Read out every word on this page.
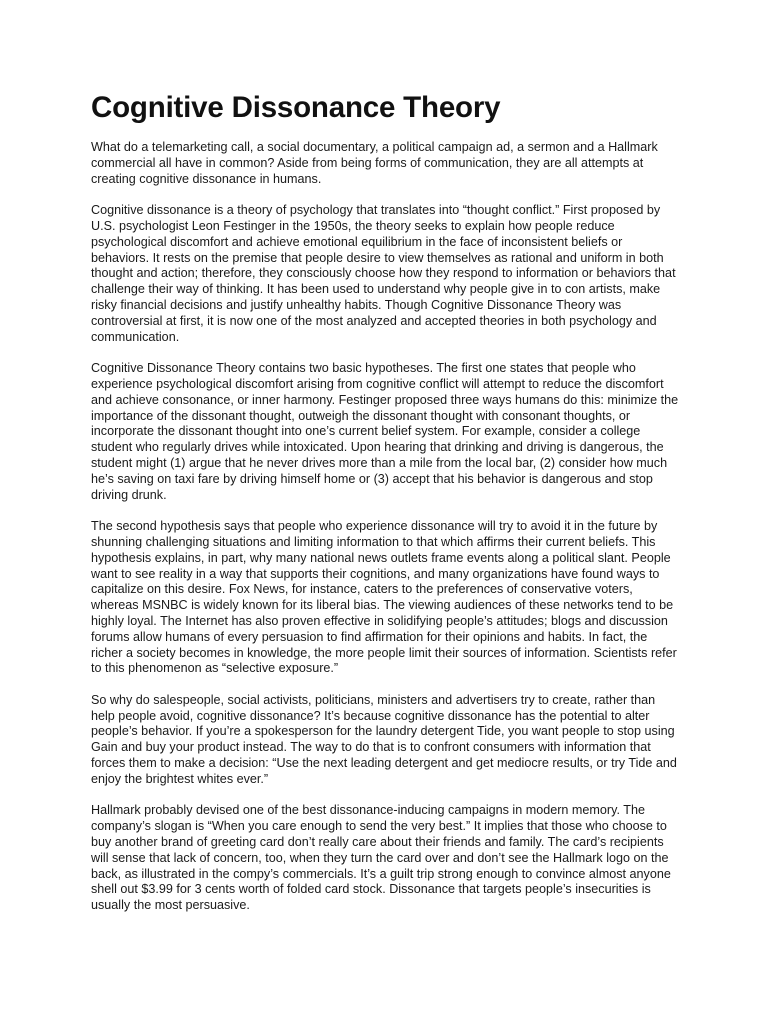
Cognitive Dissonance Theory

What do a telemarketing call, a social documentary, a political campaign ad, a sermon and a Hallmark commercial all have in common? Aside from being forms of communication, they are all attempts at creating cognitive dissonance in humans.

Cognitive dissonance is a theory of psychology that translates into “thought conflict.” First proposed by U.S. psychologist Leon Festinger in the 1950s, the theory seeks to explain how people reduce psychological discomfort and achieve emotional equilibrium in the face of inconsistent beliefs or behaviors. It rests on the premise that people desire to view themselves as rational and uniform in both thought and action; therefore, they consciously choose how they respond to information or behaviors that challenge their way of thinking. It has been used to understand why people give in to con artists, make risky financial decisions and justify unhealthy habits. Though Cognitive Dissonance Theory was controversial at first, it is now one of the most analyzed and accepted theories in both psychology and communication.

Cognitive Dissonance Theory contains two basic hypotheses. The first one states that people who experience psychological discomfort arising from cognitive conflict will attempt to reduce the discomfort and achieve consonance, or inner harmony. Festinger proposed three ways humans do this: minimize the importance of the dissonant thought, outweigh the dissonant thought with consonant thoughts, or incorporate the dissonant thought into one’s current belief system. For example, consider a college student who regularly drives while intoxicated. Upon hearing that drinking and driving is dangerous, the student might (1) argue that he never drives more than a mile from the local bar, (2) consider how much he’s saving on taxi fare by driving himself home or (3) accept that his behavior is dangerous and stop driving drunk.

The second hypothesis says that people who experience dissonance will try to avoid it in the future by shunning challenging situations and limiting information to that which affirms their current beliefs. This hypothesis explains, in part, why many national news outlets frame events along a political slant. People want to see reality in a way that supports their cognitions, and many organizations have found ways to capitalize on this desire. Fox News, for instance, caters to the preferences of conservative voters, whereas MSNBC is widely known for its liberal bias. The viewing audiences of these networks tend to be highly loyal. The Internet has also proven effective in solidifying people’s attitudes; blogs and discussion forums allow humans of every persuasion to find affirmation for their opinions and habits. In fact, the richer a society becomes in knowledge, the more people limit their sources of information. Scientists refer to this phenomenon as “selective exposure.”

So why do salespeople, social activists, politicians, ministers and advertisers try to create, rather than help people avoid, cognitive dissonance? It’s because cognitive dissonance has the potential to alter people’s behavior. If you’re a spokesperson for the laundry detergent Tide, you want people to stop using Gain and buy your product instead. The way to do that is to confront consumers with information that forces them to make a decision: “Use the next leading detergent and get mediocre results, or try Tide and enjoy the brightest whites ever.”

Hallmark probably devised one of the best dissonance-inducing campaigns in modern memory. The company’s slogan is “When you care enough to send the very best.” It implies that those who choose to buy another brand of greeting card don’t really care about their friends and family. The card’s recipients will sense that lack of concern, too, when they turn the card over and don’t see the Hallmark logo on the back, as illustrated in the compy’s commercials. It’s a guilt trip strong enough to convince almost anyone shell out $3.99 for 3 cents worth of folded card stock. Dissonance that targets people’s insecurities is usually the most persuasive.
